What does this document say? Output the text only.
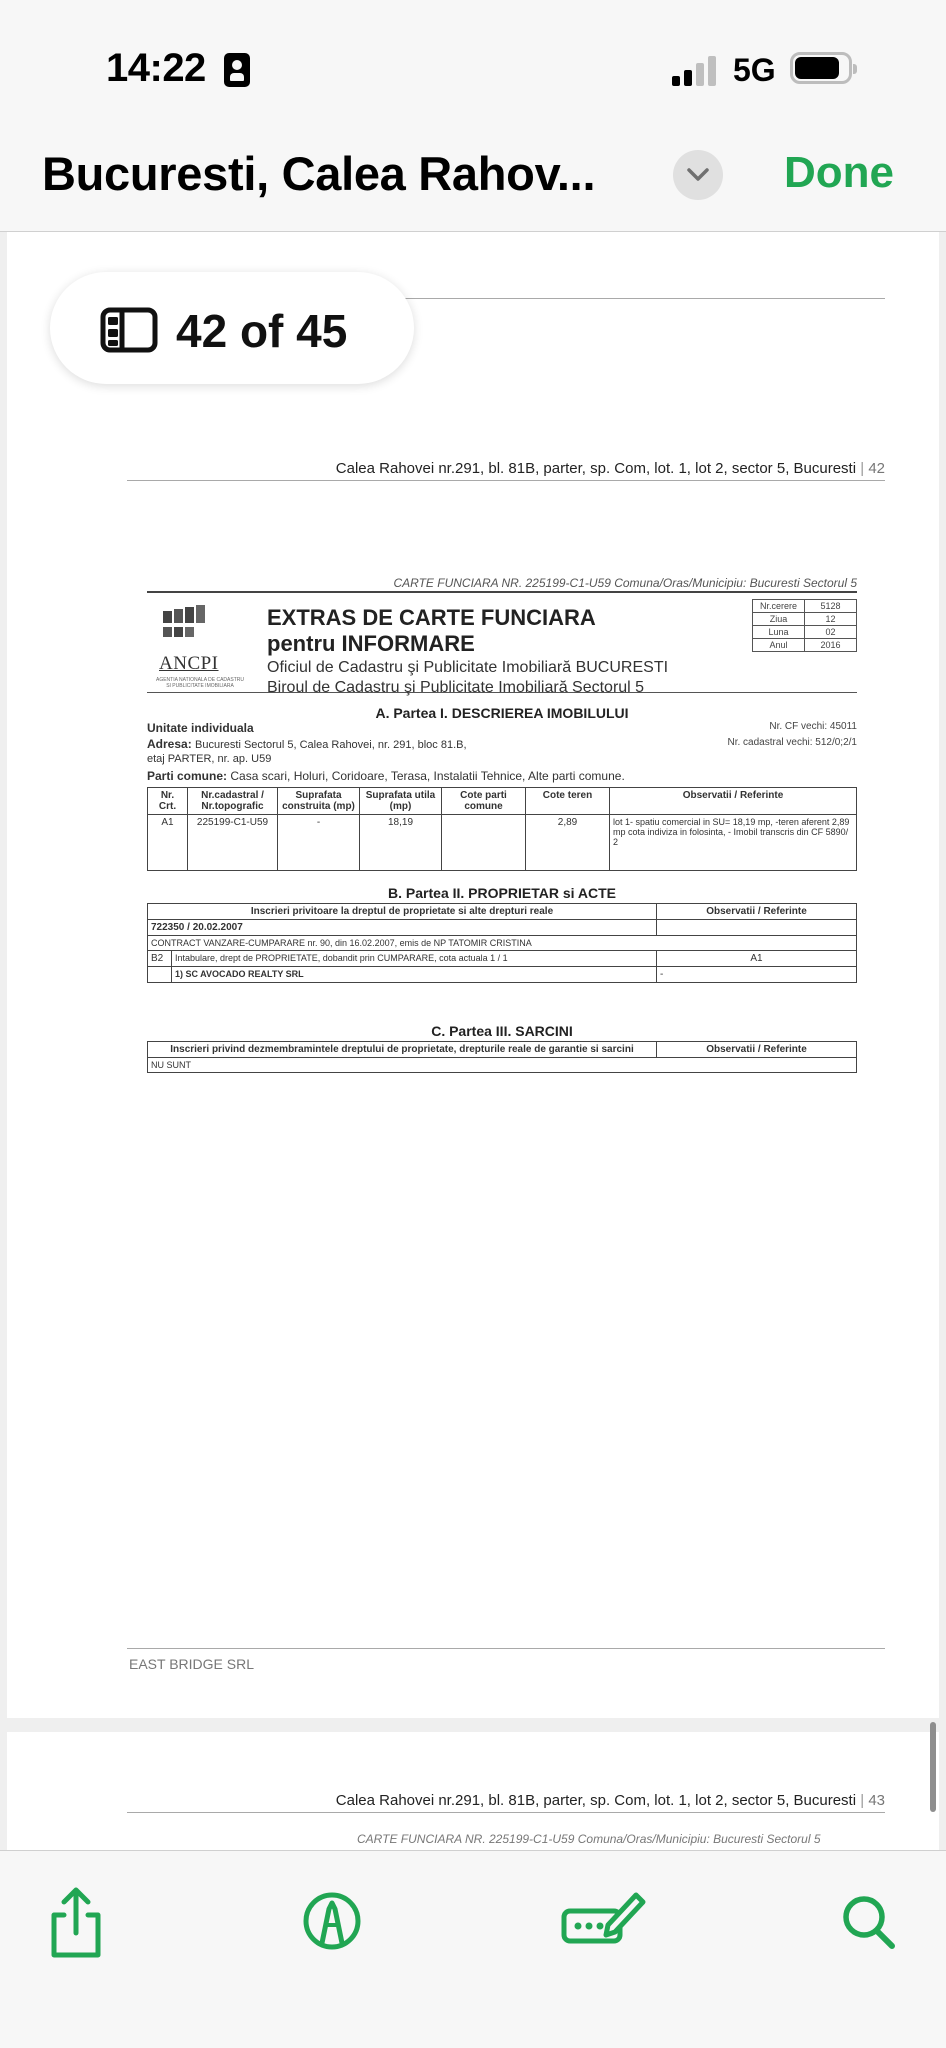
14:22	5G
Bucuresti, Calea Rahov...	Done
Calea Rahovei nr.291, bl. 81B, parter, sp. Com, lot. 1, lot 2, sector 5, Bucuresti | 42
CARTE FUNCIARA NR. 225199-C1-U59 Comuna/Oras/Municipiu: Bucuresti Sectorul 5
ANCPI
AGENTIA NATIONALA DE CADASTRU SI PUBLICITATE IMOBILIARA
EXTRAS DE CARTE FUNCIARA
pentru INFORMARE
Oficiul de Cadastru şi Publicitate Imobiliară BUCURESTI
Biroul de Cadastru şi Publicitate Imobiliară Sectorul 5
Nr.cerere	5128
Ziua	12
Luna	02
Anul	2016
A. Partea I. DESCRIEREA IMOBILULUI
Unitate individuala	Nr. CF vechi: 45011
Adresa: Bucuresti Sectorul 5, Calea Rahovei, nr. 291, bloc 81.B,	Nr. cadastral vechi: 512/0;2/1
etaj PARTER, nr. ap. U59
Parti comune: Casa scari, Holuri, Coridoare, Terasa, Instalatii Tehnice, Alte parti comune.
Nr. Crt.	Nr.cadastral / Nr.topografic	Suprafata construita (mp)	Suprafata utila (mp)	Cote parti comune	Cote teren	Observatii / Referinte
A1	225199-C1-U59	-	18,19		2,89	lot 1- spatiu comercial in SU= 18,19 mp, -teren aferent 2,89 mp cota indiviza in folosinta, - Imobil transcris din CF 5890/ 2
B. Partea II. PROPRIETAR si ACTE
Inscrieri privitoare la dreptul de proprietate si alte drepturi reale		Observatii / Referinte
722350 / 20.02.2007		
CONTRACT VANZARE-CUMPARARE nr. 90, din 16.02.2007, emis de NP TATOMIR CRISTINA		
B2	Intabulare, drept de PROPRIETATE, dobandit prin CUMPARARE, cota actuala 1 / 1	A1
	1) SC AVOCADO REALTY SRL	-
C. Partea III. SARCINI
Inscrieri privind dezmembramintele dreptului de proprietate, drepturile reale de garantie si sarcini	Observatii / Referinte
NU SUNT
EAST BRIDGE SRL
Calea Rahovei nr.291, bl. 81B, parter, sp. Com, lot. 1, lot 2, sector 5, Bucuresti | 43
CARTE FUNCIARA NR. 225199-C1-U59 Comuna/Oras/Municipiu: Bucuresti Sectorul 5
42 of 45
